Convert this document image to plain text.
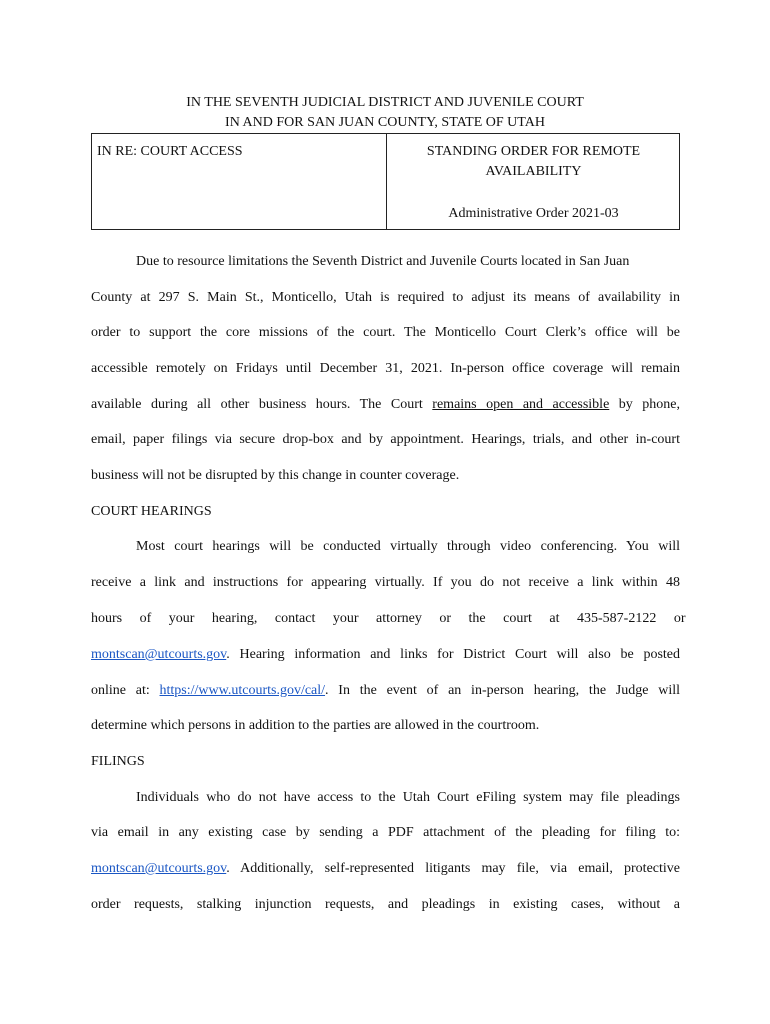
IN THE SEVENTH JUDICIAL DISTRICT AND JUVENILE COURT
IN AND FOR SAN JUAN COUNTY, STATE OF UTAH
IN RE: COURT ACCESS	STANDING ORDER FOR REMOTE
AVAILABILITY
Administrative Order 2021-03
Due to resource limitations the Seventh District and Juvenile Courts located in San Juan
County at 297 S. Main St., Monticello, Utah is required to adjust its means of availability in
order to support the core missions of the court. The Monticello Court Clerk’s office will be
accessible remotely on Fridays until December 31, 2021. In-person office coverage will remain
available during all other business hours. The Court remains open and accessible by phone,
email, paper filings via secure drop-box and by appointment. Hearings, trials, and other in-court
business will not be disrupted by this change in counter coverage.
COURT HEARINGS
Most court hearings will be conducted virtually through video conferencing. You will
receive a link and instructions for appearing virtually. If you do not receive a link within 48
hours of your hearing, contact your attorney or the court at 435-587-2122 or
montscan@utcourts.gov. Hearing information and links for District Court will also be posted
online at: https://www.utcourts.gov/cal/. In the event of an in-person hearing, the Judge will
determine which persons in addition to the parties are allowed in the courtroom.
FILINGS
Individuals who do not have access to the Utah Court eFiling system may file pleadings
via email in any existing case by sending a PDF attachment of the pleading for filing to:
montscan@utcourts.gov. Additionally, self-represented litigants may file, via email, protective
order requests, stalking injunction requests, and pleadings in existing cases, without a
